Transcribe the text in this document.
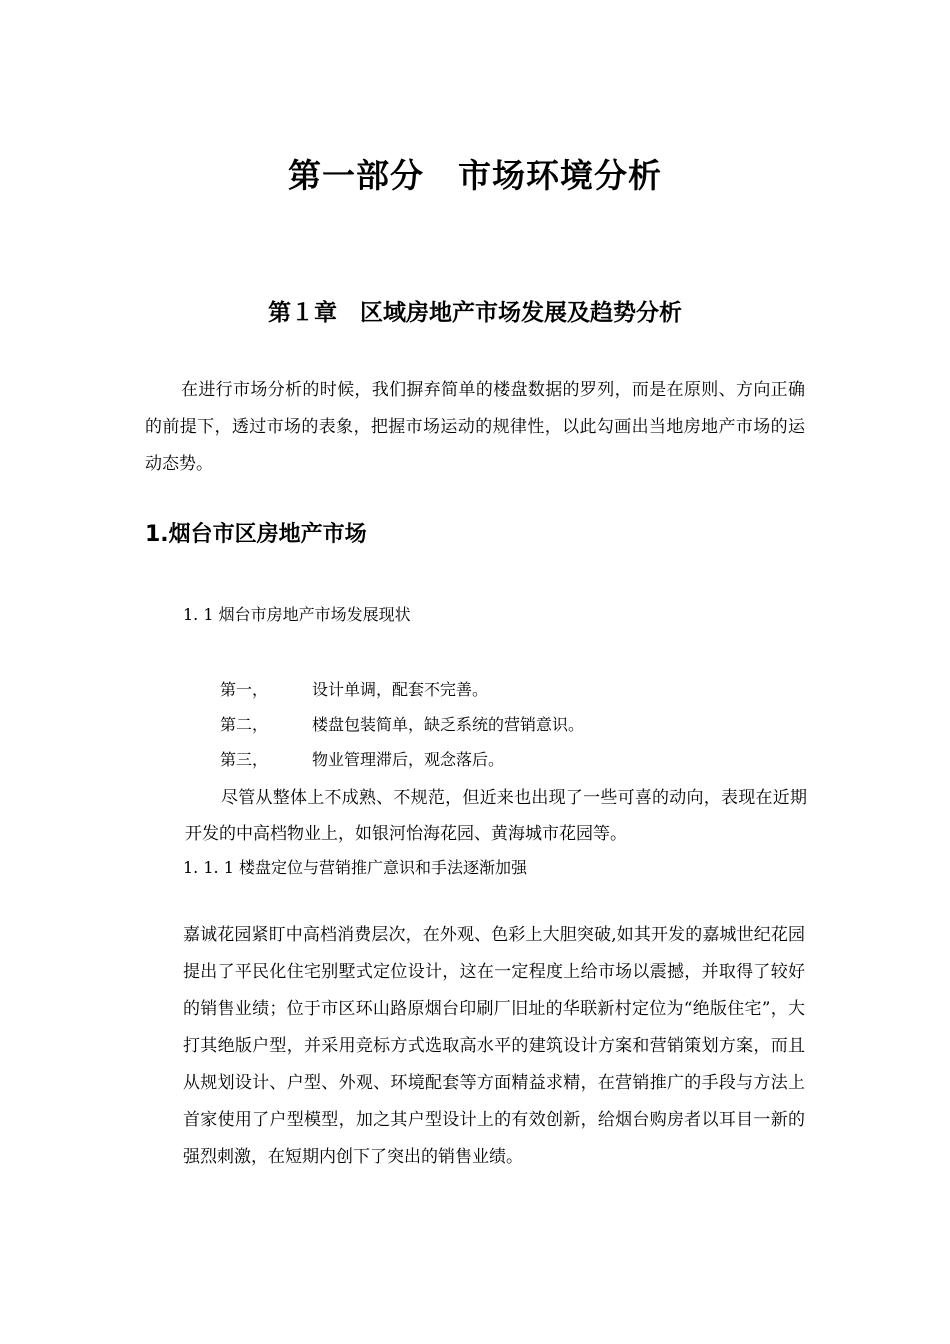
第一部分　市场环境分析
第１章　区域房地产市场发展及趋势分析

在进行市场分析的时候，我们摒弃简单的楼盘数据的罗列，而是在原则、方向正确的前提下，透过市场的表象，把握市场运动的规律性，以此勾画出当地房地产市场的运动态势。

1.烟台市区房地产市场
1. 1 烟台市房地产市场发展现状
第一，	设计单调，配套不完善。
第二，	楼盘包装简单，缺乏系统的营销意识。
第三，	物业管理滞后，观念落后。

尽管从整体上不成熟、不规范，但近来也出现了一些可喜的动向，表现在近期开发的中高档物业上，如银河怡海花园、黄海城市花园等。

1. 1. 1 楼盘定位与营销推广意识和手法逐渐加强

嘉诚花园紧盯中高档消费层次，在外观、色彩上大胆突破,如其开发的嘉城世纪花园提出了平民化住宅别墅式定位设计，这在一定程度上给市场以震撼，并取得了较好的销售业绩；位于市区环山路原烟台印刷厂旧址的华联新村定位为“绝版住宅”，大打其绝版户型，并采用竞标方式选取高水平的建筑设计方案和营销策划方案，而且从规划设计、户型、外观、环境配套等方面精益求精，在营销推广的手段与方法上首家使用了户型模型，加之其户型设计上的有效创新，给烟台购房者以耳目一新的强烈刺激，在短期内创下了突出的销售业绩。
